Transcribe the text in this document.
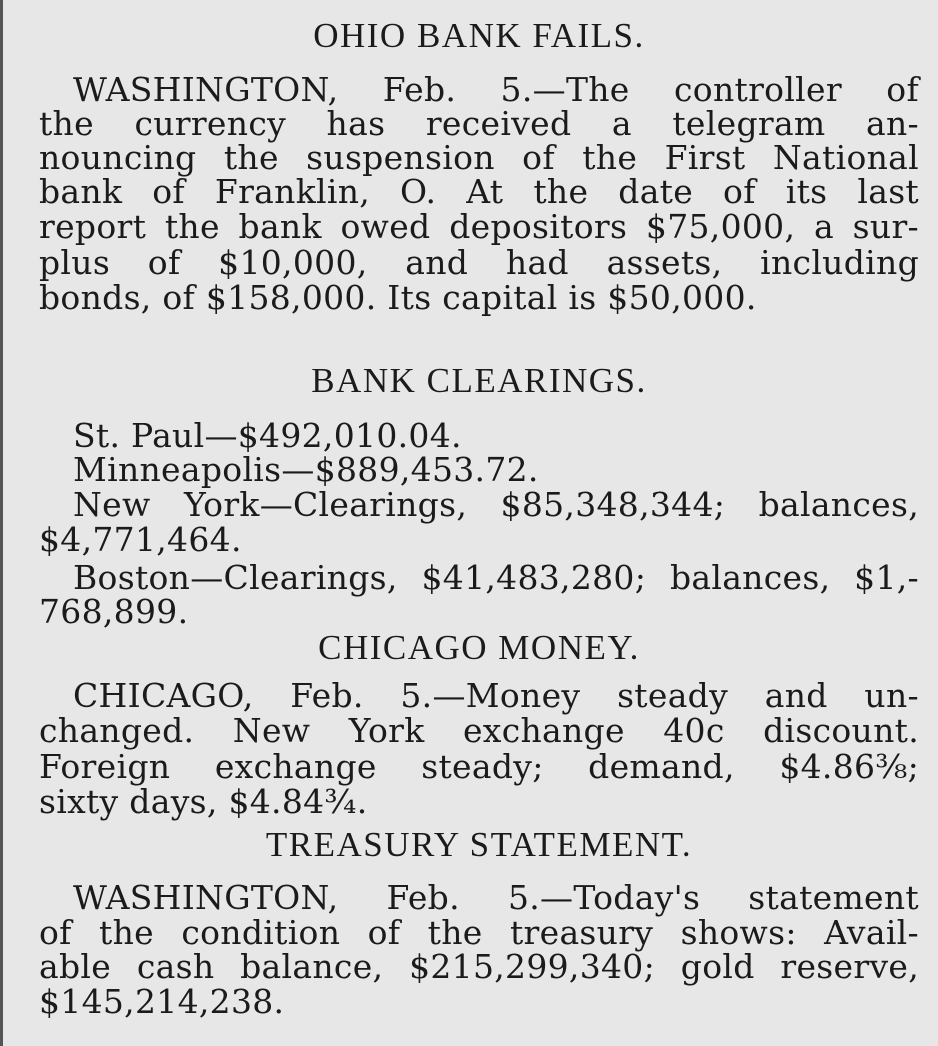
OHIO BANK FAILS.
WASHINGTON, Feb. 5.—The controller of
the currency has received a telegram an-
nouncing the suspension of the First National
bank of Franklin, O. At the date of its last
report the bank owed depositors $75,000, a sur-
plus of $10,000, and had assets, including
bonds, of $158,000. Its capital is $50,000.
BANK CLEARINGS.
St. Paul—$492,010.04.
Minneapolis—$889,453.72.
New York—Clearings, $85,348,344; balances,
$4,771,464.
Boston—Clearings, $41,483,280; balances, $1,-
768,899.
CHICAGO MONEY.
CHICAGO, Feb. 5.—Money steady and un-
changed. New York exchange 40c discount.
Foreign exchange steady; demand, $4.86⅜;
sixty days, $4.84¾.
TREASURY STATEMENT.
WASHINGTON, Feb. 5.—Today's statement
of the condition of the treasury shows: Avail-
able cash balance, $215,299,340; gold reserve,
$145,214,238.
